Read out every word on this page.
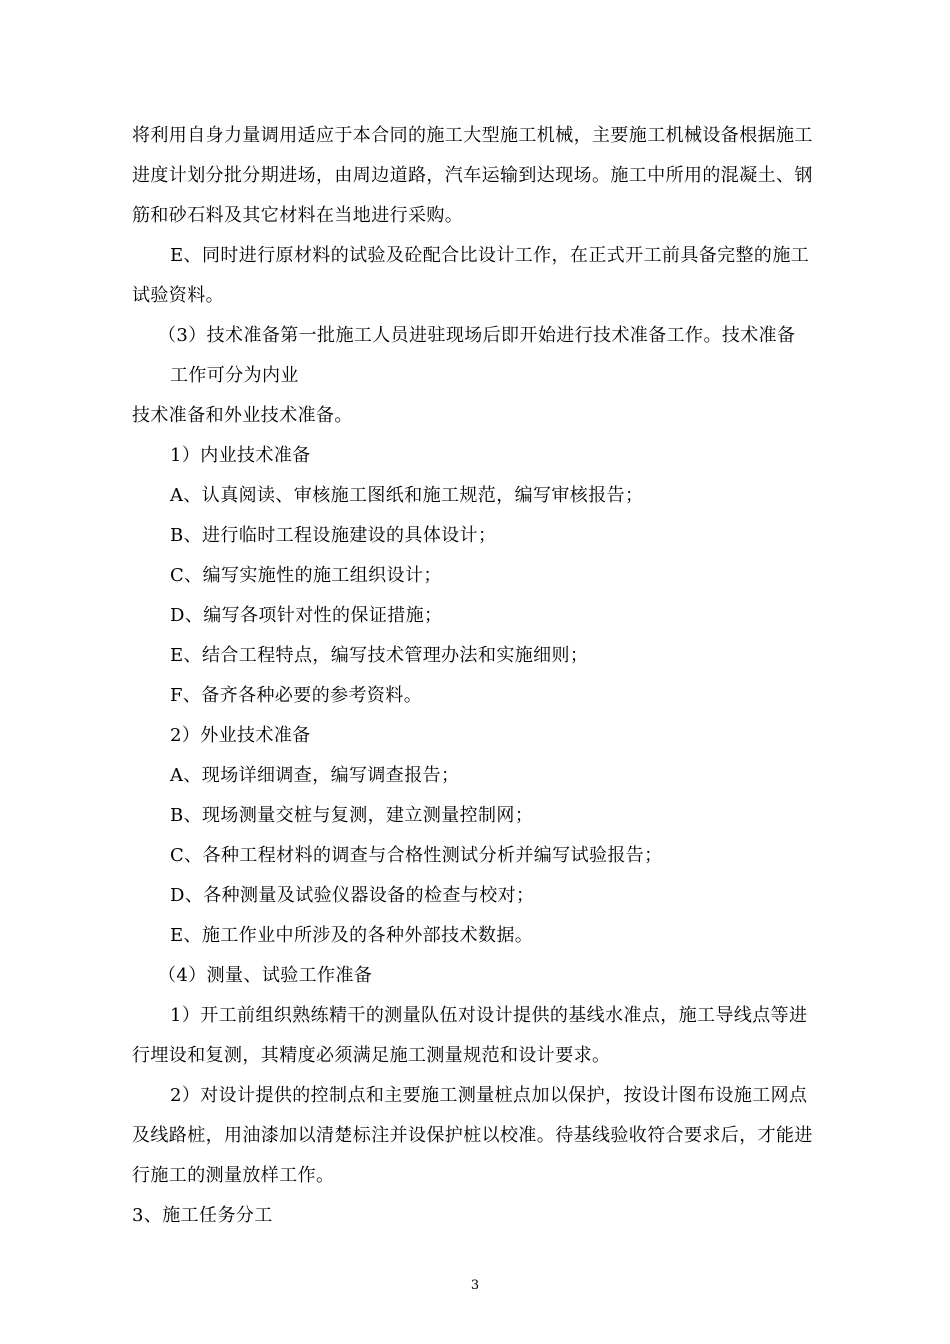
将利用自身力量调用适应于本合同的施工大型施工机械，主要施工机械设备根据施工
进度计划分批分期进场，由周边道路，汽车运输到达现场。施工中所用的混凝土、钢
筋和砂石料及其它材料在当地进行采购。
E、同时进行原材料的试验及砼配合比设计工作，在正式开工前具备完整的施工
试验资料。
（3）技术准备第一批施工人员进驻现场后即开始进行技术准备工作。技术准备
工作可分为内业
技术准备和外业技术准备。
1）内业技术准备
A、认真阅读、审核施工图纸和施工规范，编写审核报告；
B、进行临时工程设施建设的具体设计；
C、编写实施性的施工组织设计；
D、编写各项针对性的保证措施；
E、结合工程特点，编写技术管理办法和实施细则；
F、备齐各种必要的参考资料。
2）外业技术准备
A、现场详细调查，编写调查报告；
B、现场测量交桩与复测，建立测量控制网；
C、各种工程材料的调查与合格性测试分析并编写试验报告；
D、各种测量及试验仪器设备的检查与校对；
E、施工作业中所涉及的各种外部技术数据。
（4）测量、试验工作准备
1）开工前组织熟练精干的测量队伍对设计提供的基线水准点，施工导线点等进
行埋设和复测，其精度必须满足施工测量规范和设计要求。
2）对设计提供的控制点和主要施工测量桩点加以保护，按设计图布设施工网点
及线路桩，用油漆加以清楚标注并设保护桩以校准。待基线验收符合要求后，才能进
行施工的测量放样工作。
3、施工任务分工
3
